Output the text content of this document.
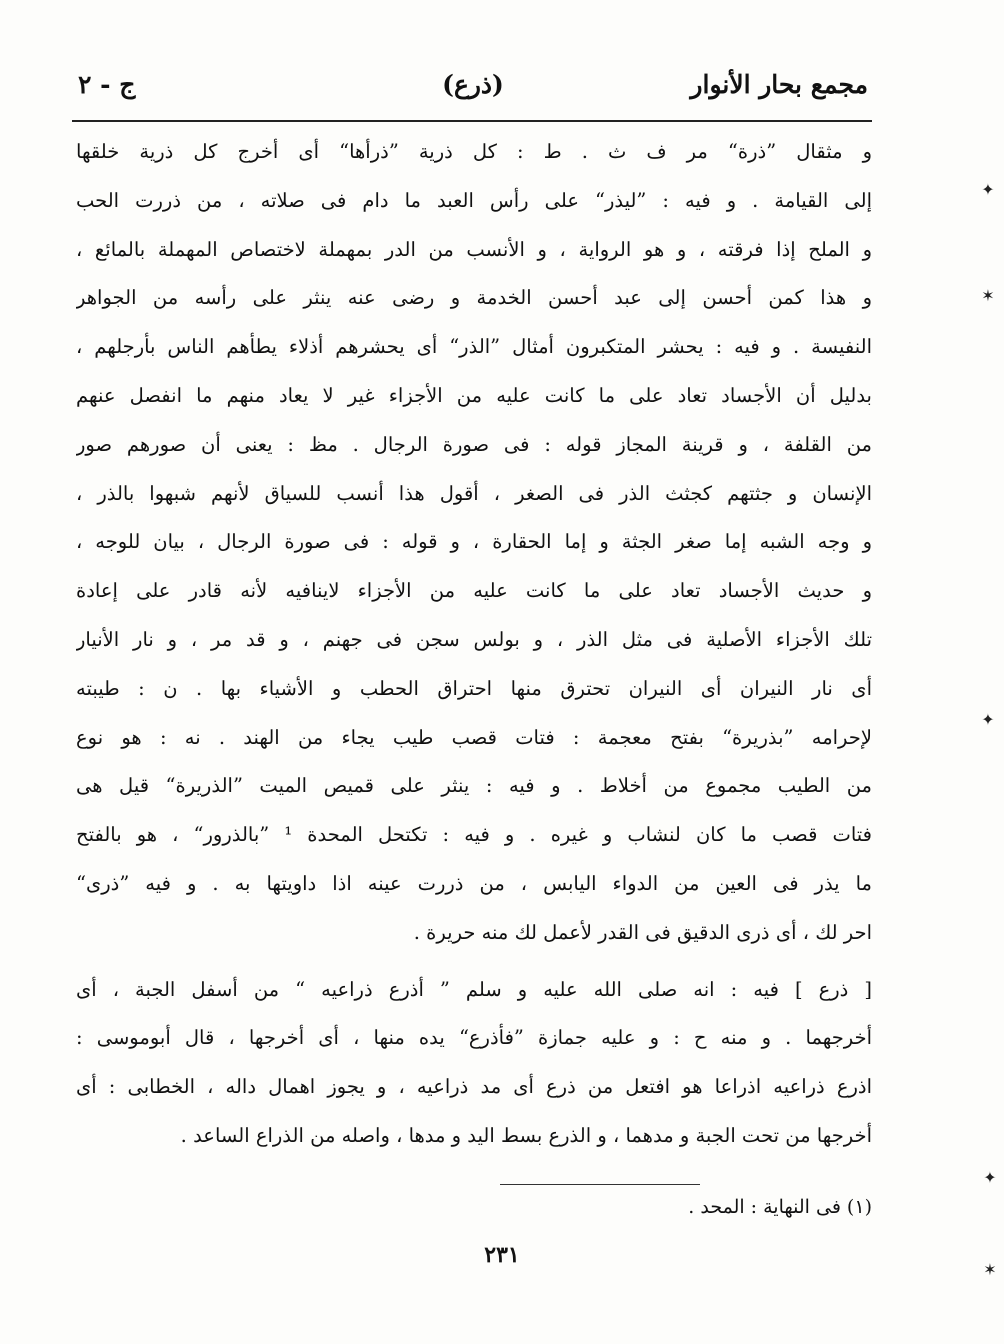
مجمع بحار الأنوار
(ذرع)
ج - ٢
و مثقال ”ذرة“ مر ف ث . ط : كل ذرية ”ذرأها“ أى أخرج كل ذرية خلقها
إلى القيامة . و فيه : ”ليذر“ على رأس العبد ما دام فى صلاته ، من ذررت الحب
و الملح إذا فرقته ، و هو الرواية ، و الأنسب من الدر بمهملة لاختصاص المهملة بالمائع ،
و هذا كمن أحسن إلى عبد أحسن الخدمة و رضى عنه ينثر على رأسه من الجواهر
النفيسة . و فيه : يحشر المتكبرون أمثال ”الذر“ أى يحشرهم أذلاء يطأهم الناس بأرجلهم ،
بدليل أن الأجساد تعاد على ما كانت عليه من الأجزاء غير لا يعاد منهم ما انفصل عنهم
من القلفة ، و قرينة المجاز قوله : فى صورة الرجال . مظ : يعنى أن صورهم صور
الإنسان و جثتهم كجثث الذر فى الصغر ، أقول هذا أنسب للسياق لأنهم شبهوا بالذر ،
و وجه الشبه إما صغر الجثة و إما الحقارة ، و قوله : فى صورة الرجال ، بيان للوجه ،
و حديث الأجساد تعاد على ما كانت عليه من الأجزاء لاينافيه لأنه قادر على إعادة
تلك الأجزاء الأصلية فى مثل الذر ، و بولس سجن فى جهنم ، و قد مر ، و نار الأنيار
أى نار النيران أى النيران تحترق منها احتراق الحطب و الأشياء بها . ن : طيبته
لإحرامه ”بذريرة“ بفتح معجمة : فتات قصب طيب يجاء من الهند . نه : هو نوع
من الطيب مجموع من أخلاط . و فيه : ينثر على قميص الميت ”الذريرة“ قيل هى
فتات قصب ما كان لنشاب و غيره . و فيه : تكتحل المحدة ¹ ”بالذرور“ ، هو بالفتح
ما يذر فى العين من الدواء اليابس ، من ذررت عينه اذا داويتها به . و فيه ”ذرى“
احر لك ، أى ذرى الدقيق فى القدر لأعمل لك منه حريرة .
[ ذرع ] فيه : انه صلى الله عليه و سلم ” أذرع ذراعيه “ من أسفل الجبة ، أى
أخرجهما . و منه ح : و عليه جمازة ”فأذرع“ يده منها ، أى أخرجها ، قال أبوموسى :
اذرع ذراعيه اذراعا هو افتعل من ذرع أى مد ذراعيه ، و يجوز اهمال داله ، الخطابى : أى
أخرجها من تحت الجبة و مدهما ، و الذرع بسط اليد و مدها ، واصله من الذراع الساعد .
(١) فى النهاية : المحد .
٢٣١
✦
✶
✦
✦
✶
